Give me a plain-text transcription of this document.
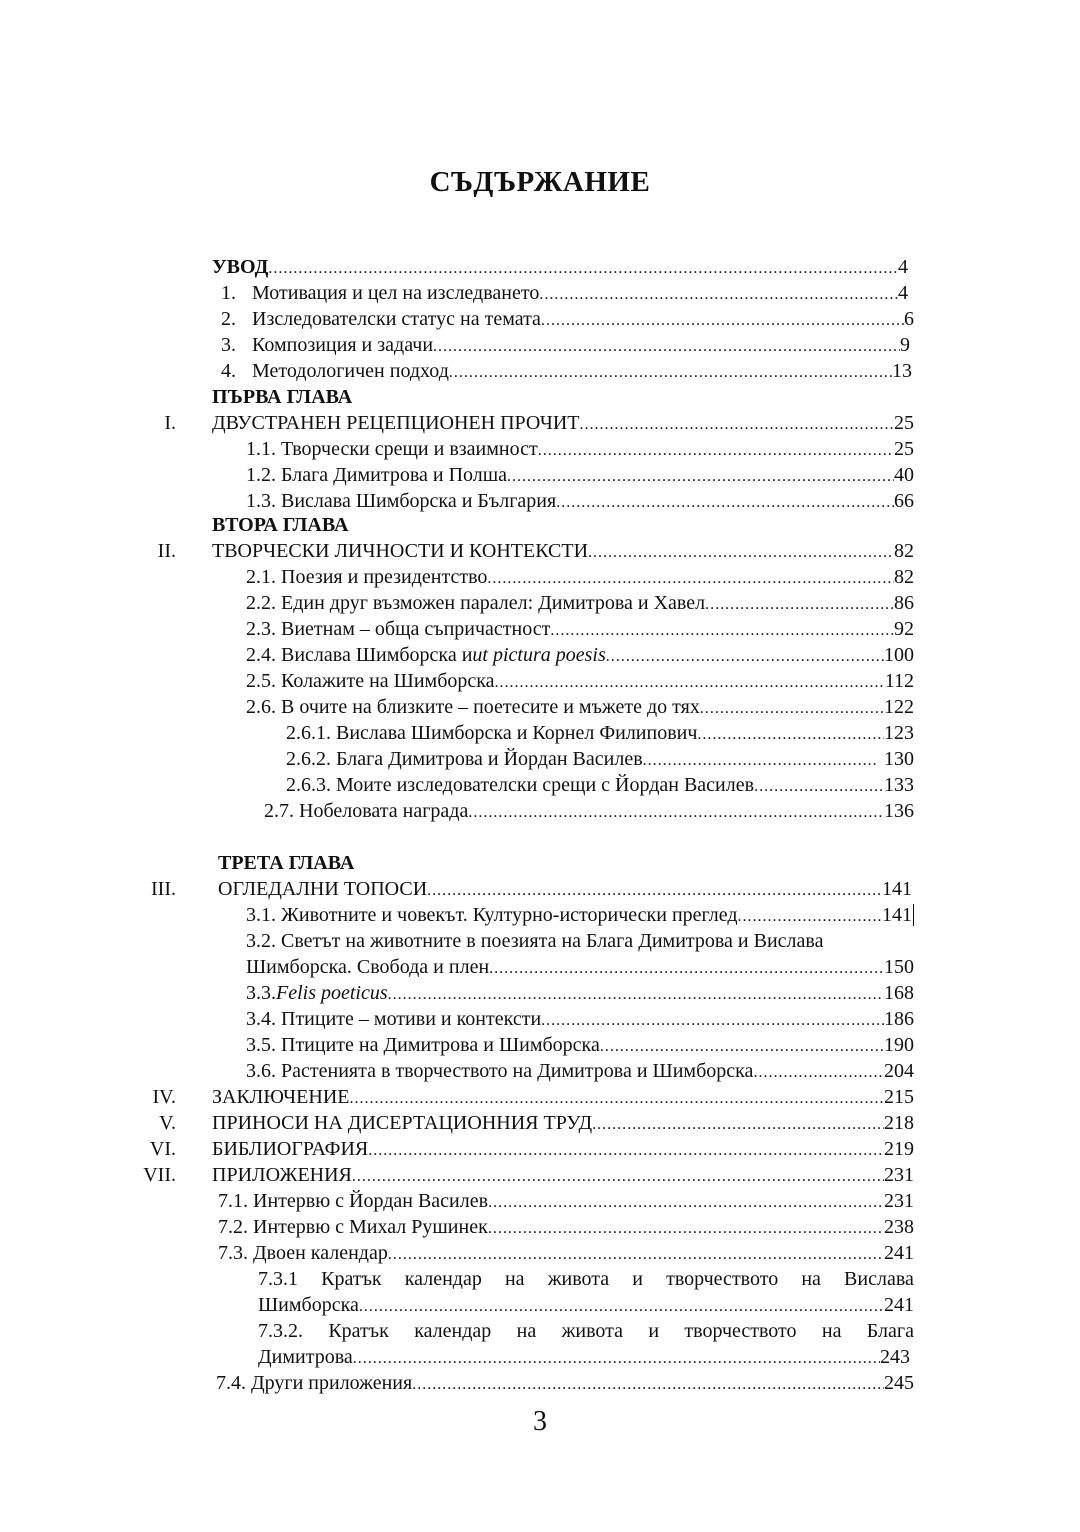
СЪДЪРЖАНИЕ
УВОД .....	4
1. Мотивация и цел на изследването .....	4
2. Изследователски статус на темата .....	6
3. Композиция и задачи .....	9
4. Методологичен подход .....	13
ПЪРВА ГЛАВА
I. ДВУСТРАНЕН РЕЦЕПЦИОНЕН ПРОЧИТ .....	25
1.1. Творчески срещи и взаимност .....	25
1.2. Блага Димитрова и Полша .....	40
1.3. Вислава Шимборска и България .....	66
ВТОРА ГЛАВА
II. ТВОРЧЕСКИ ЛИЧНОСТИ И КОНТЕКСТИ .....	82
2.1. Поезия и президентство .....	82
2.2. Един друг възможен паралел: Димитрова и Хавел .....	86
2.3. Виетнам – обща съпричастност .....	92
2.4. Вислава Шимборска и ut pictura poesis .....	100
2.5. Колажите на Шимборска .....	112
2.6. В очите на близките – поетесите и мъжете до тях .....	122
2.6.1. Вислава Шимборска и Корнел Филипович .....	123
2.6.2. Блага Димитрова и Йордан Василев .....	130
2.6.3. Моите изследователски срещи с Йордан Василев .....	133
2.7. Нобеловата награда .....	136
ТРЕТА ГЛАВА
III. ОГЛЕДАЛНИ ТОПОСИ .....	141
3.1. Животните и човекът. Културно-исторически преглед .....	141
3.2. Светът на животните в поезията на Блага Димитрова и Вислава
Шимборска. Свобода и плен .....	150
3.3. Felis poeticus .....	168
3.4. Птиците – мотиви и контексти .....	186
3.5. Птиците на Димитрова и Шимборска .....	190
3.6. Растенията в творчеството на Димитрова и Шимборска .....	204
IV. ЗАКЛЮЧЕНИЕ .....	215
V. ПРИНОСИ НА ДИСЕРТАЦИОННИЯ ТРУД .....	218
VI. БИБЛИОГРАФИЯ .....	219
VII. ПРИЛОЖЕНИЯ .....	231
7.1. Интервю с Йордан Василев .....	231
7.2. Интервю с Михал Рушинек .....	238
7.3. Двоен календар .....	241
7.3.1 Кратък календар на живота и творчеството на Вислава
Шимборска .....	241
7.3.2. Кратък календар на живота и творчеството на Блага
Димитрова .....	243
7.4. Други приложения .....	245
3
